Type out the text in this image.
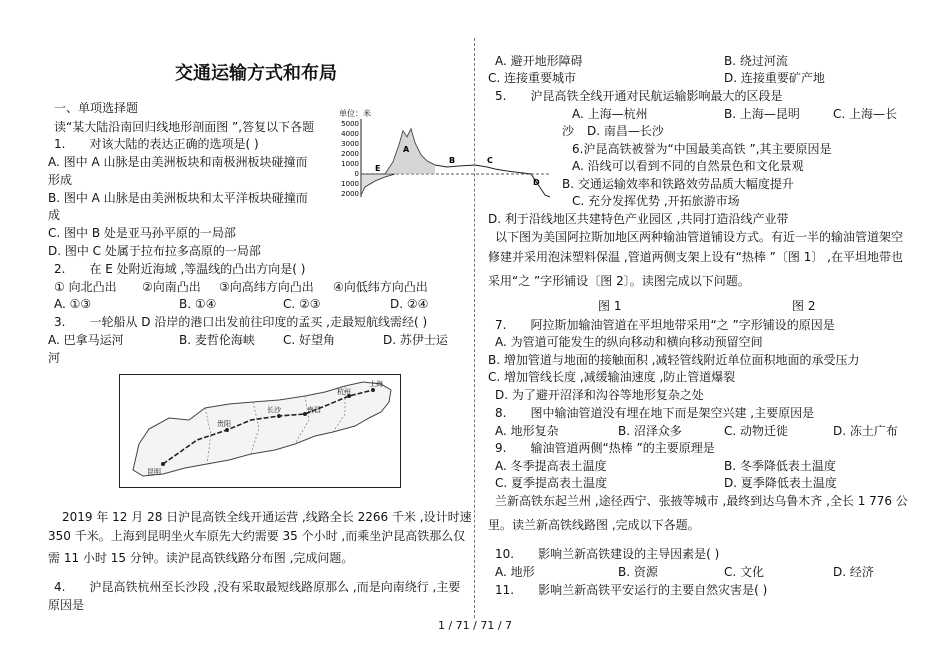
交通运输方式和布局
一、单项选择题
读“某大陆沿南回归线地形剖面图 ”,答复以下各题
1.　　对该大陆的表达正确的选项是( )
A. 图中 A 山脉是由美洲板块和南极洲板块碰撞而
形成
B. 图中 A 山脉是由美洲板块和太平洋板块碰撞而
成
C. 图中 B 处是亚马孙平原的一局部
D. 图中 C 处属于拉布拉多高原的一局部
2.　　在 E 处附近海域 ,等温线的凸出方向是( )
① 向北凸出 ②向南凸出 ③向高纬方向凸出 ④向低纬方向凸出
A. ①③	B. ①④	C. ②③	D. ②④
3.　　一轮船从 D 沿岸的港口出发前往印度的孟买 ,走最短航线需经( )
A. 巴拿马运河	B. 麦哲伦海峡 C. 好望角	D. 苏伊士运
河
单位：米
5000
4000
3000
2000
1000
0
1000
2000
E
A
B	C
D
上海
杭州
南昌
长沙
贵阳
昆明
2019 年 12 月 28 日沪昆高铁全线开通运营 ,线路全长 2266 千米 ,设计时速
350 千米。上海到昆明坐火车原先大约需要 35 个小时 ,而乘坐沪昆高铁那么仅
需 11 小时 15 分钟。读沪昆高铁线路分布图 ,完成问题。
4.　　沪昆高铁杭州至长沙段 ,没有采取最短线路原那么 ,而是向南绕行 ,主要
原因是
A. 避开地形障碍	B. 绕过河流
C. 连接重要城市	D. 连接重要矿产地
5.　　沪昆高铁全线开通对民航运输影响最大的区段是
A. 上海—杭州	B. 上海—昆明	C. 上海—长
沙 D. 南昌—长沙
6.沪昆高铁被誉为“中国最美高铁 ”,其主要原因是
A. 沿线可以看到不同的自然景色和文化景观
B. 交通运输效率和铁路效劳品质大幅度提升
C. 充分发挥优势 ,开拓旅游市场
D. 利于沿线地区共建特色产业园区 ,共同打造沿线产业带
以下图为美国阿拉斯加地区两种输油管道铺设方式。有近一半的输油管道架空
修建并采用泡沫塑料保温 ,管道两侧支架上设有“热棒 ”〔图 1〕 ,在平坦地带也
采用“之 ”字形铺设〔图 2〕。读图完成以下问题。
图 1	图 2
7.　　阿拉斯加输油管道在平坦地带采用“之 ”字形铺设的原因是
A. 为管道可能发生的纵向移动和横向移动预留空间
B. 增加管道与地面的接触面积 ,减轻管线附近单位面积地面的承受压力
C. 增加管线长度 ,减缓输油速度 ,防止管道爆裂
D. 为了避开沼泽和沟谷等地形复杂之处
8.　　图中输油管道没有埋在地下而是架空兴建 ,主要原因是
A. 地形复杂	B. 沼泽众多	C. 动物迁徙	D. 冻土广布
9.　　输油管道两侧“热棒 ”的主要原理是
A. 冬季提高表土温度	B. 冬季降低表土温度
C. 夏季提高表土温度	D. 夏季降低表土温度
兰新高铁东起兰州 ,途径西宁、张掖等城市 ,最终到达乌鲁木齐 ,全长 1 776 公
里。读兰新高铁线路图 ,完成以下各题。
10.　　影响兰新高铁建设的主导因素是( )
A. 地形	B. 资源	C. 文化	D. 经济
11.　　影响兰新高铁平安运行的主要自然灾害是( )
1 / 71 / 71 / 7
